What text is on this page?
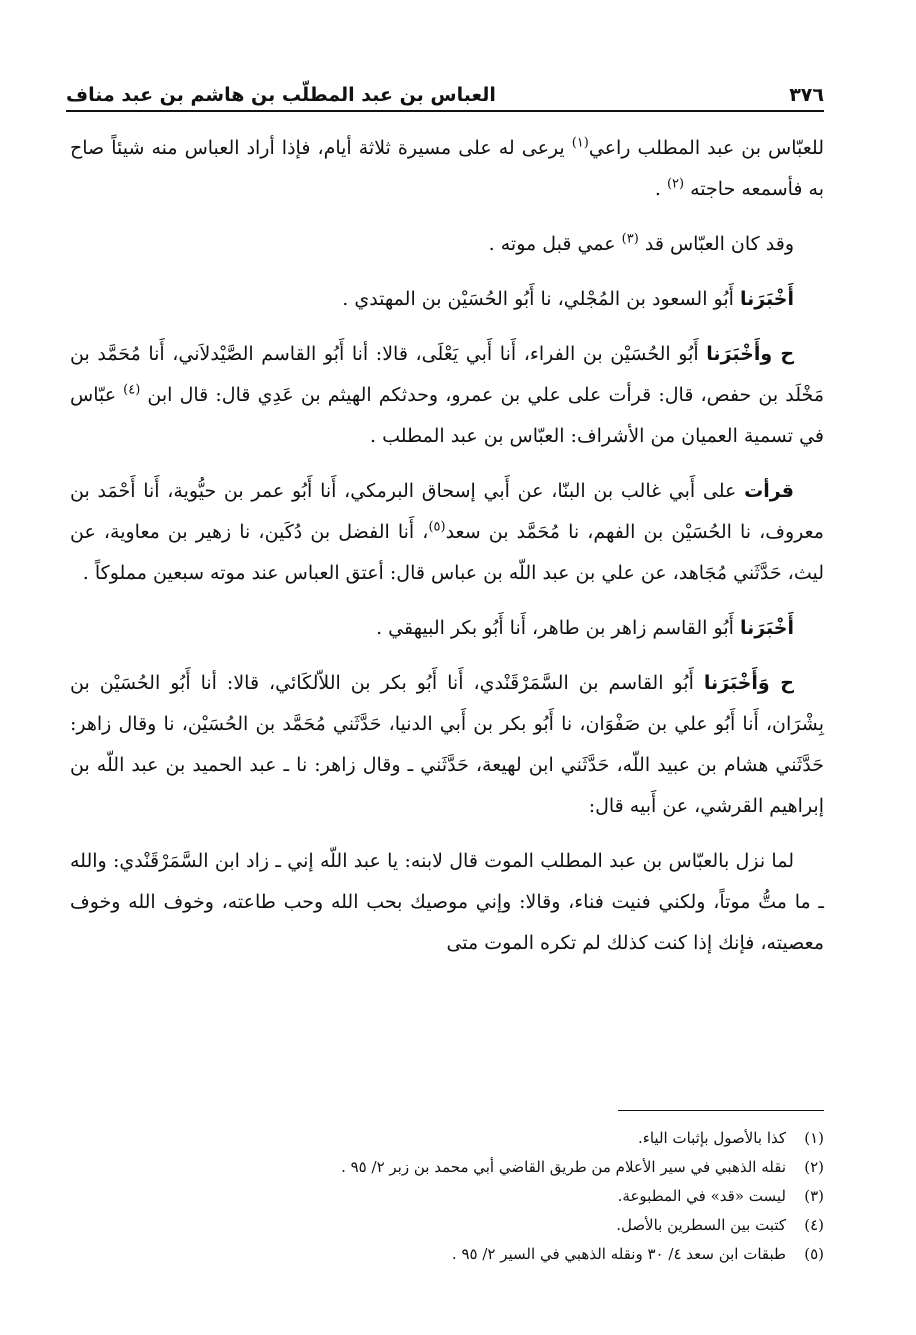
٣٧٦
العباس بن عبد المطلّب بن هاشم بن عبد مناف

للعبّاس بن عبد المطلب راعي$^{(١)}$ يرعى له على مسيرة ثلاثة أيام، فإذا أراد العباس منه شيئاً صاح به فأسمعه حاجته $^{(٢)}$ .

وقد كان العبّاس قد $^{(٣)}$ عمي قبل موته .

أَخْبَرَنا أَبُو السعود بن المُجْلي، نا أَبُو الحُسَيْن بن المهتدي .

ح وأَخْبَرَنا أَبُو الحُسَيْن بن الفراء، أَنا أَبي يَعْلَى، قالا: أنا أَبُو القاسم الصَّيْدلاَني، أَنا مُحَمَّد بن مَخْلَد بن حفص، قال: قرأت على علي بن عمرو، وحدثكم الهيثم بن عَدِي قال: قال ابن $^{(٤)}$ عبّاس في تسمية العميان من الأشراف: العبّاس بن عبد المطلب .

قرأت على أَبي غالب بن البنّا، عن أَبي إسحاق البرمكي، أَنا أَبُو عمر بن حيُّوية، أَنا أَحْمَد بن معروف، نا الحُسَيْن بن الفهم، نا مُحَمَّد بن سعد$^{(٥)}$، أَنا الفضل بن دُكَين، نا زهير بن معاوية، عن ليث، حَدَّثَني مُجَاهد، عن علي بن عبد اللّه بن عباس قال: أعتق العباس عند موته سبعين مملوكاً .

أَخْبَرَنا أَبُو القاسم زاهر بن طاهر، أَنا أَبُو بكر البيهقي .

ح وَأَخْبَرَنا أَبُو القاسم بن السَّمَرْقَنْدي، أَنا أَبُو بكر بن اللاّلكَائي، قالا: أنا أَبُو الحُسَيْن بن بِشْرَان، أَنا أَبُو علي بن صَفْوَان، نا أَبُو بكر بن أَبي الدنيا، حَدَّثَني مُحَمَّد بن الحُسَيْن، نا وقال زاهر: حَدَّثَني هشام بن عبيد اللّه، حَدَّثَني ابن لهيعة، حَدَّثَني ـ وقال زاهر: نا ـ عبد الحميد بن عبد اللّه بن إبراهيم القرشي، عن أَبيه قال:

لما نزل بالعبّاس بن عبد المطلب الموت قال لابنه: يا عبد اللّه إني ـ زاد ابن السَّمَرْقَنْدي: والله ـ ما متُّ موتاً، ولكني فنيت فناء، وقالا: وإني موصيك بحب الله وحب طاعته، وخوف الله وخوف معصيته، فإنك إذا كنت كذلك لم تكره الموت متى

(١)
كذا بالأصول بإثبات الياء.
(٢)
نقله الذهبي في سير الأعلام من طريق القاضي أبي محمد بن زبر ٢/ ٩٥ .
(٣)
ليست «قد» في المطبوعة.
(٤)
كتبت بين السطرين بالأصل.
(٥)
طبقات ابن سعد ٤/ ٣٠ ونقله الذهبي في السير ٢/ ٩٥ .
